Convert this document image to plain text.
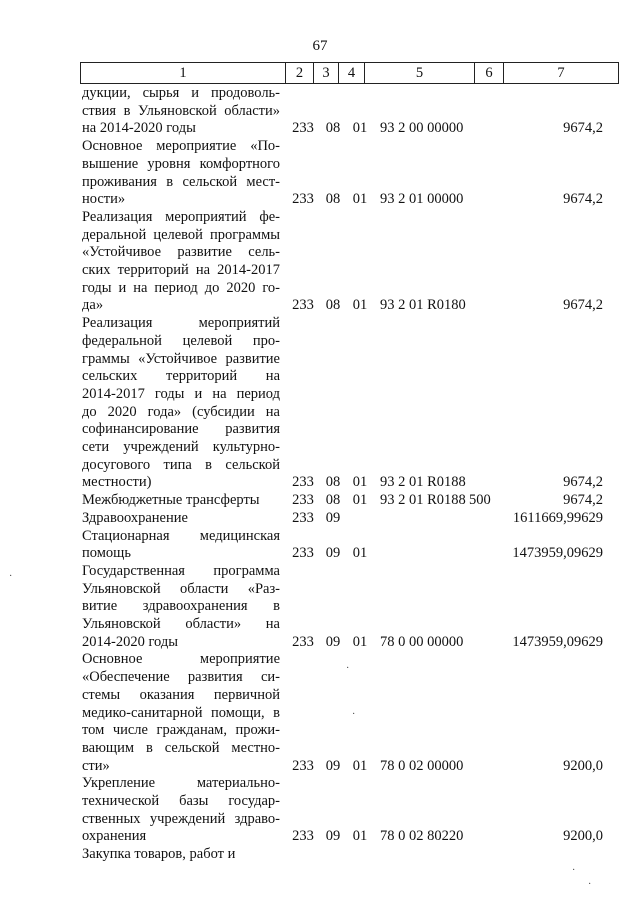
67
1	2	3	4	5	6	7
дукции, сырья и продоволь-
ствия в Ульяновской области»
на 2014-2020 годы	233 08 01 93 2 00 00000	9674,2
Основное мероприятие «По-
вышение уровня комфортного
проживания в сельской мест-
ности»	233 08 01 93 2 01 00000	9674,2
Реализация мероприятий фе-
деральной целевой программы
«Устойчивое развитие сель-
ских территорий на 2014-2017
годы и на период до 2020 го-
да»	233 08 01 93 2 01 R0180	9674,2
Реализация мероприятий
федеральной целевой про-
граммы «Устойчивое развитие
сельских территорий на
2014-2017 годы и на период
до 2020 года» (субсидии на
софинансирование развития
сети учреждений культурно-
досугового типа в сельской
местности)	233 08 01 93 2 01 R0188	9674,2
Межбюджетные трансферты	233 08 01 93 2 01 R0188 500	9674,2
Здравоохранение	233 09	1611669,99629
Стационарная медицинская
помощь	233 09 01	1473959,09629
Государственная программа
Ульяновской области «Раз-
витие здравоохранения в
Ульяновской области» на
2014-2020 годы	233 09 01 78 0 00 00000	1473959,09629
Основное мероприятие
«Обеспечение развития си-
стемы оказания первичной
медико-санитарной помощи, в
том числе гражданам, прожи-
вающим в сельской местно-
сти»	233 09 01 78 0 02 00000	9200,0
Укрепление материально-
технической базы государ-
ственных учреждений здраво-
охранения	233 09 01 78 0 02 80220	9200,0
Закупка товаров, работ и
·
·
·
·
·
